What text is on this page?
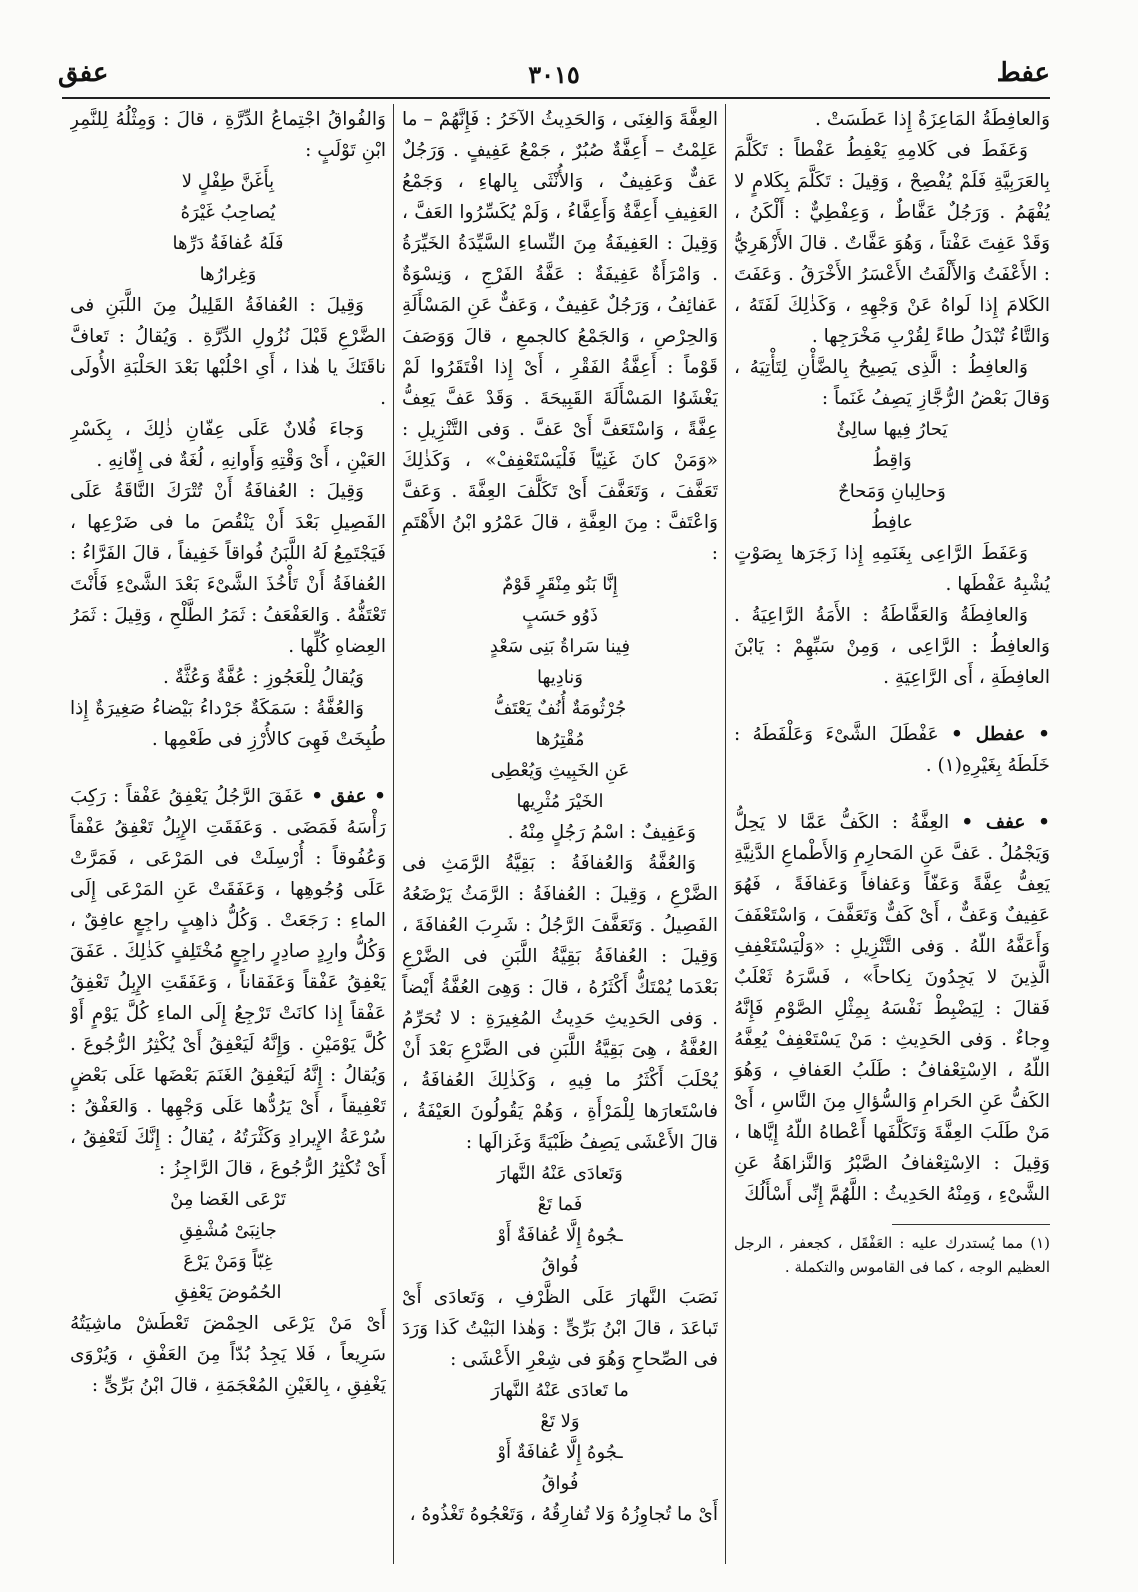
عفط
٣٠١٥
عفق

وَالعافِطَةُ المَاعِزَةُ إِذا عَطَسَتْ .

وَعَفَطَ فى كَلامِهِ يَعْفِطُ عَفْطاً : تَكَلَّمَ بِالعَرَبِيَّةِ فَلَمْ يُفْصِحْ ، وَقِيلَ : تَكَلَّمَ بِكَلامٍ لا يُفْهَمُ . وَرَجُلٌ عَفَّاطٌ ، وَعِفْطِيٌّ : أَلْكَنُ ، وَقَدْ عَفِتَ عَفْتاً ، وَهُوَ عَفَّاتٌ . قالَ الأَزْهَرِيُّ : الأَعْفَتُ وَالأَلْفَتُ الأَعْسَرُ الأَخْرَقُ . وَعَفَتَ الكَلامَ إِذا لَواهُ عَنْ وَجْهِهِ ، وَكَذٰلِكَ لَفَتَهُ ، وَالتَّاءُ تُبْدَلُ طاءً لِقُرْبِ مَخْرَجِها .

وَالعافِطُ : الَّذِى يَصِيحُ بِالضَّأْنِ لِتَأْتِيَهُ ، وَقالَ بَعْضُ الرُّجَّازِ يَصِفُ غَنَماً :

يَحارُ فِيها سالِئٌ وَاقِطُ
وَحالِبانِ وَمَحاحٌ عافِطُ

وَعَفَطَ الرَّاعِى بِغَنَمِهِ إِذا زَجَرَها بِصَوْتٍ يُشْبِهُ عَفْطَها .

وَالعافِطَةُ وَالعَفَّاطَةُ : الأَمَةُ الرَّاعِيَةُ . وَالعافِطُ : الرَّاعِى ، وَمِنْ سَبِّهِمْ : يَابْنَ العافِطَةِ ، أَى الرَّاعِيَةِ .

• عفطل • عَفْطَلَ الشَّىْءَ وَعَلْفَطَهُ : خَلَطَهُ بِغَيْرِهِ(١) .

• عفف • العِفَّةُ : الكَفُّ عَمَّا لا يَحِلُّ وَيَجْمُلُ . عَفَّ عَنِ المَحارِمِ وَالأَطْماعِ الدَّنِيَّةِ يَعِفُّ عِفَّةً وَعَفّاً وَعَفافاً وَعَفافَةً ، فَهُوَ عَفِيفٌ وَعَفٌّ ، أَىْ كَفٌّ وَتَعَفَّفَ ، وَاسْتَعْفَفَ وَأَعَفَّهُ اللّهُ . وَفى التَّنْزِيلِ : «وَلْيَسْتَعْفِفِ الَّذِينَ لا يَجِدُونَ نِكاحاً» ، فَسَّرَهُ ثَعْلَبٌ فَقالَ : لِيَضْبِطْ نَفْسَهُ بِمِثْلِ الصَّوْمِ فَإِنَّهُ وِجاءٌ . وَفى الحَدِيثِ : مَنْ يَسْتَعْفِفْ يُعِفَّهُ اللّهُ ، الاِسْتِعْفافُ : طَلَبُ العَفافِ ، وَهُوَ الكَفُّ عَنِ الحَرامِ وَالسُّؤالِ مِنَ النَّاسِ ، أَىْ مَنْ طَلَبَ العِفَّةَ وَتَكَلَّفَها أَعْطاهُ اللّهُ إِيَّاها ، وَقِيلَ : الاِسْتِعْفافُ الصَّبْرُ وَالنَّزاهَةُ عَنِ الشَّىْءِ ، وَمِنْهُ الحَدِيثُ : اللَّهُمَّ إِنِّى أَسْأَلُكَ

(١) مما يُستدرك عليه : العَفْقَل ، كجعفر ، الرجل العظيم الوجه ، كما فى القاموس والتكملة .

العِفَّةَ وَالغِنَى ، وَالحَدِيثُ الآخَرُ : فَإِنَّهُمْ – ما عَلِمْتُ – أَعِفَّةٌ صُبُرٌ ، جَمْعُ عَفِيفٍ . وَرَجُلٌ عَفٌّ وَعَفِيفٌ ، وَالأُنْثَى بِالهاءِ ، وَجَمْعُ العَفِيفِ أَعِفَّةٌ وَأَعِفَّاءُ ، وَلَمْ يُكَسِّرُوا العَفَّ ، وَقِيلَ : العَفِيفَةُ مِنَ النِّساءِ السَّيِّدَةُ الخَيِّرَةُ . وَامْرَأَةٌ عَفِيفَةٌ : عَفَّةُ الفَرْجِ ، وَنِسْوَةٌ عَفائِفُ ، وَرَجُلٌ عَفِيفٌ ، وَعَفٌّ عَنِ المَسْأَلَةِ وَالحِرْصِ ، وَالجَمْعُ كالجمعِ ، قالَ وَوَصَفَ قَوْماً : أَعِفَّةُ الفَقْرِ ، أَىْ إِذا افْتَقَرُوا لَمْ يَغْشَوُا المَسْأَلَةَ القَبِيحَةَ . وَقَدْ عَفَّ يَعِفُّ عِفَّةً ، وَاسْتَعَفَّ أَىْ عَفَّ . وَفى التَّنْزِيلِ : «وَمَنْ كانَ غَنِيّاً فَلْيَسْتَعْفِفْ» ، وَكَذٰلِكَ تَعَفَّفَ ، وَتَعَفَّفَ أَىْ تَكَلَّفَ العِفَّةَ . وَعَفَّ وَاعْتَفَّ : مِنَ العِفَّةِ ، قالَ عَمْرُو ابْنُ الأَهْتَمِ :

إِنَّا بَنُو مِنْقَرٍ قَوْمٌ ذَوُو حَسَبٍ
فِينا سَراةُ بَنِى سَعْدٍ وَنادِيها
جُرْثُومَةٌ أُنُفٌ يَعْتَفُّ مُقْتِرُها
عَنِ الخَبِيثِ وَيُعْطِى الخَيْرَ مُثْرِيها

وَعَفِيفٌ : اسْمُ رَجُلٍ مِنْهُ .

وَالعُفَّةُ وَالعُفافَةُ : بَقِيَّةُ الرَّمَثِ فى الضَّرْعِ ، وَقِيلَ : العُفافَةُ : الرَّمَثُ يَرْضَعُهُ الفَصِيلُ . وَتَعَفَّفَ الرَّجُلُ : شَرِبَ العُفافَةَ ، وَقِيلَ : العُفافَةُ بَقِيَّةُ اللَّبَنِ فى الضَّرْعِ بَعْدَما يُمْتَكُّ أَكْثَرُهُ ، قالَ : وَهِىَ العُفَّةُ أَيْضاً . وَفى الحَدِيثِ حَدِيثُ المُغِيرَةِ : لا تُحَرِّمُ العُفَّةُ ، هِىَ بَقِيَّةُ اللَّبَنِ فى الضَّرْعِ بَعْدَ أَنْ يُحْلَبَ أَكْثَرُ ما فِيهِ ، وَكَذٰلِكَ العُفافَةُ ، فاسْتَعارَها لِلْمَرْأَةِ ، وَهُمْ يَقُولُونَ العَيْفَةُ ، قالَ الأَعْشَى يَصِفُ ظَبْيَةً وَغَزالَها :

وَتَعادَى عَنْهُ النَّهارَ فَما تَعْ
ـجُوهُ إِلَّا عُفافَةٌ أَوْ فُواقُ

نَصَبَ النَّهارَ عَلَى الظَّرْفِ ، وَتَعادَى أَىْ تَباعَدَ ، قالَ ابْنُ بَرِّىٍّ : وَهٰذا البَيْتُ كَذا وَرَدَ فى الصِّحاحِ وَهُوَ فى شِعْرِ الأَعْشَى :

ما تَعادَى عَنْهُ النَّهارَ وَلا تَعْ
ـجُوهُ إِلَّا عُفافَةٌ أَوْ فُواقُ

أَىْ ما تُجاوِزُهُ وَلا تُفارِقُهُ ، وَتَعْجُوهُ تَغْذُوهُ ،

وَالفُواقُ اجْتِماعُ الدِّرَّةِ ، قالَ : وَمِثْلُهُ لِلنَّمِرِ ابْنِ تَوْلَبٍ :

بِأَغَنَّ طِفْلٍ لا يُصاحِبُ غَيْرَهُ
فَلَهُ عُفافَةُ دَرِّها وَغِرارُها

وَقِيلَ : العُفافَةُ القَلِيلُ مِنَ اللَّبَنِ فى الضَّرْعِ قَبْلَ نُزُولِ الدِّرَّةِ . وَيُقالُ : تَعافَّ ناقَتَكَ يا هٰذا ، أَىِ احْلُبْها بَعْدَ الحَلْبَةِ الأُولَى .

وَجاءَ فُلانٌ عَلَى عِفّانِ ذٰلِكَ ، بِكَسْرِ العَيْنِ ، أَىْ وَقْتِهِ وَأَوانِهِ ، لُغَةٌ فى إِفّانِهِ .

وَقِيلَ : العُفافَةُ أَنْ تُتْرَكَ النَّاقَةُ عَلَى الفَصِيلِ بَعْدَ أَنْ يَنْقُصَ ما فى ضَرْعِها ، فَيَجْتَمِعُ لَهُ اللَّبَنُ فُواقاً خَفِيفاً ، قالَ الفَرَّاءُ : العُفافَةُ أَنْ تَأْخُذَ الشَّىْءَ بَعْدَ الشَّىْءِ فَأَنْتَ تَعْتَفُّهُ . وَالعَفْعَفُ : ثَمَرُ الطَّلْحِ ، وَقِيلَ : ثَمَرُ العِضاهِ كُلِّها .

وَيُقالُ لِلْعَجُوزِ : عُفَّةٌ وَعُثَّةٌ .

وَالعُفَّةُ : سَمَكَةٌ جَرْداءُ بَيْضاءُ صَغِيرَةٌ إِذا طُبِخَتْ فَهِىَ كالأُرْزِ فى طَعْمِها .

• عفق • عَفَقَ الرَّجُلُ يَعْفِقُ عَفْقاً : رَكِبَ رَأْسَهُ فَمَضَى . وَعَفَقَتِ الإِبِلُ تَعْفِقُ عَفْقاً وَعُفُوقاً : أُرْسِلَتْ فى المَرْعَى ، فَمَرَّتْ عَلَى وُجُوهِها ، وَعَفَقَتْ عَنِ المَرْعَى إِلَى الماءِ : رَجَعَتْ . وَكُلُّ ذاهِبٍ راجِعٍ عافِقٌ ، وَكُلُّ وارِدٍ صادِرٍ راجِعٍ مُخْتَلِفٍ كَذٰلِكَ . عَفَقَ يَعْفِقُ عَفْقاً وَعَفَقاناً ، وَعَفَقَتِ الإِبِلُ تَعْفِقُ عَفْقاً إِذا كانَتْ تَرْجِعُ إِلَى الماءِ كُلَّ يَوْمٍ أَوْ كُلَّ يَوْمَيْنِ . وَإِنَّهُ لَيَعْفِقُ أَىْ يُكْثِرُ الرُّجُوعَ . وَيُقالُ : إِنَّهُ لَيَعْفِقُ الغَنَمَ بَعْضَها عَلَى بَعْضٍ تَعْفِيقاً ، أَىْ يَرُدُّها عَلَى وَجْهِها . وَالعَفْقُ : سُرْعَةُ الإِيرادِ وَكَثْرَتُهُ ، يُقالُ : إِنَّكَ لَتَعْفِقُ ، أَىْ تُكْثِرُ الرُّجُوعَ ، قالَ الرَّاجِزُ :

تَرْعَى الغَضا مِنْ جانِبَىْ مُشْفِقِ
غِبّاً وَمَنْ يَرْعَ الحُمُوضَ يَعْفِقِ

أَىْ مَنْ يَرْعَى الحِمْضَ تَعْطَشْ ماشِيَتُهُ سَرِيعاً ، فَلا يَجِدُ بُدّاً مِنَ العَفْقِ ، وَيُرْوَى يَغْفِقِ ، بِالغَيْنِ المُعْجَمَةِ ، قالَ ابْنُ بَرِّىٍّ :
